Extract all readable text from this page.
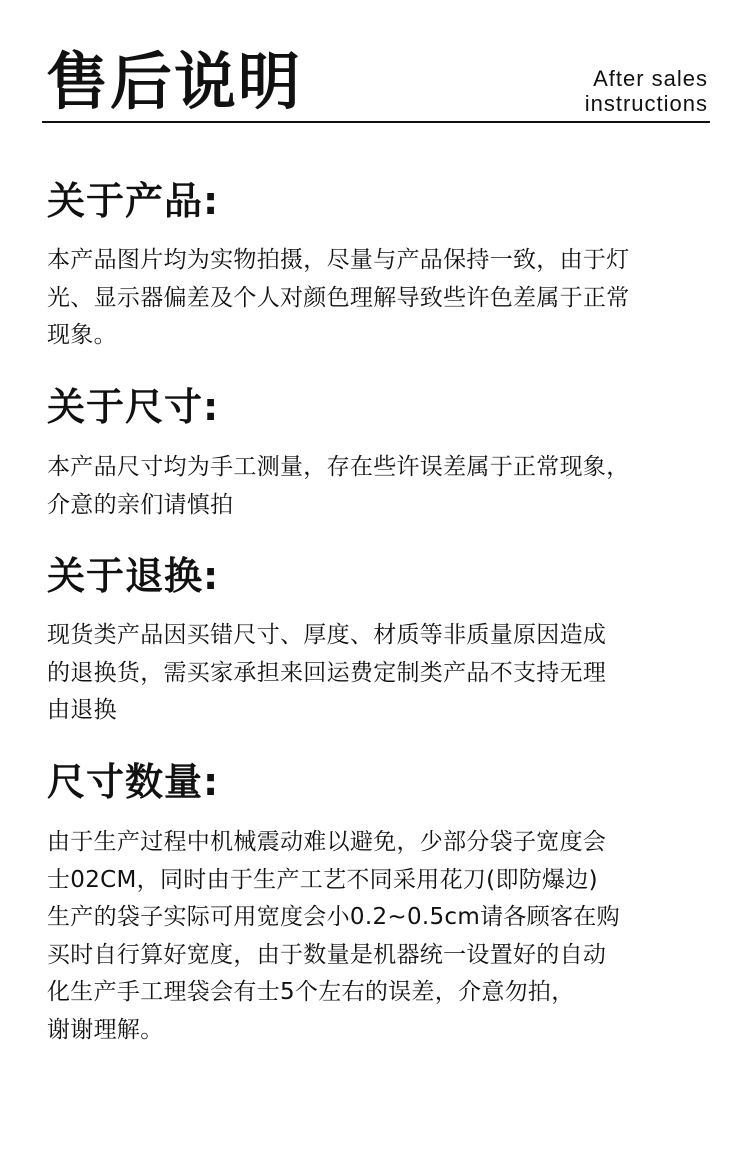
售后说明	After sales
instructions
关于产品:
本产品图片均为实物拍摄，尽量与产品保持一致，由于灯
光、显示器偏差及个人对颜色理解导致些许色差属于正常
现象。
关于尺寸:
本产品尺寸均为手工测量，存在些许误差属于正常现象，
介意的亲们请慎拍
关于退换:
现货类产品因买错尺寸、厚度、材质等非质量原因造成
的退换货，需买家承担来回运费定制类产品不支持无理
由退换
尺寸数量:
由于生产过程中机械震动难以避免，少部分袋子宽度会
士02CM，同时由于生产工艺不同采用花刀(即防爆边)
生产的袋子实际可用宽度会小0.2~0.5cm请各顾客在购
买时自行算好宽度，由于数量是机器统一设置好的自动
化生产手工理袋会有士5个左右的误差，介意勿拍，
谢谢理解。
